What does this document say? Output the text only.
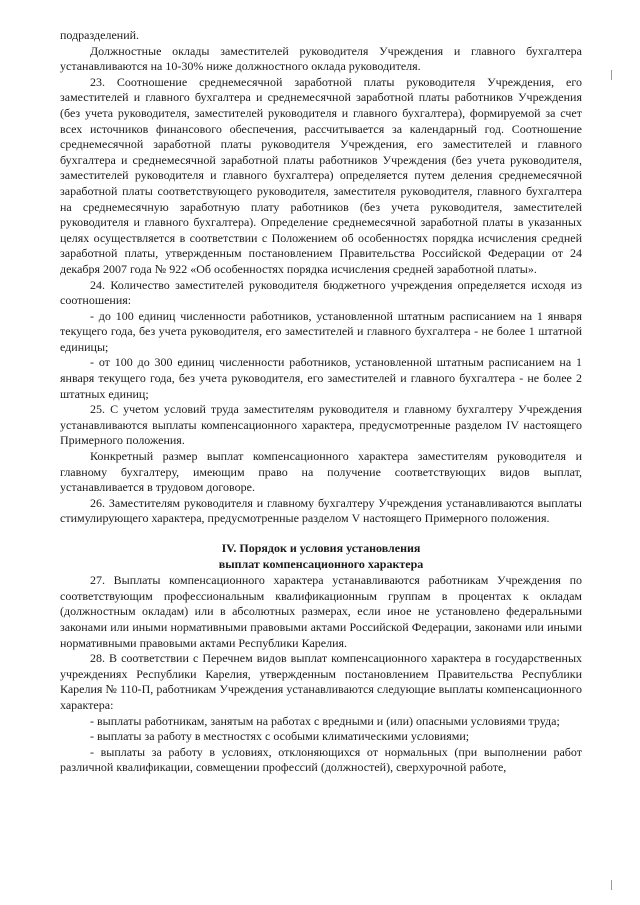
подразделений.

Должностные оклады заместителей руководителя Учреждения и главного бухгалтера устанавливаются на 10-30% ниже должностного оклада руководителя.

23. Соотношение среднемесячной заработной платы руководителя Учреждения, его заместителей и главного бухгалтера и среднемесячной заработной платы работников Учреждения (без учета руководителя, заместителей руководителя и главного бухгалтера), формируемой за счет всех источников финансового обеспечения, рассчитывается за календарный год. Соотношение среднемесячной заработной платы руководителя Учреждения, его заместителей и главного бухгалтера и среднемесячной заработной платы работников Учреждения (без учета руководителя, заместителей руководителя и главного бухгалтера) определяется путем деления среднемесячной заработной платы соответствующего руководителя, заместителя руководителя, главного бухгалтера на среднемесячную заработную плату работников (без учета руководителя, заместителей руководителя и главного бухгалтера). Определение среднемесячной заработной платы в указанных целях осуществляется в соответствии с Положением об особенностях порядка исчисления средней заработной платы, утвержденным постановлением Правительства Российской Федерации от 24 декабря 2007 года № 922 «Об особенностях порядка исчисления средней заработной платы».

24. Количество заместителей руководителя бюджетного учреждения определяется исходя из соотношения:

- до 100 единиц численности работников, установленной штатным расписанием на 1 января текущего года, без учета руководителя, его заместителей и главного бухгалтера - не более 1 штатной единицы;

- от 100 до 300 единиц численности работников, установленной штатным расписанием на 1 января текущего года, без учета руководителя, его заместителей и главного бухгалтера - не более 2 штатных единиц;

25. С учетом условий труда заместителям руководителя и главному бухгалтеру Учреждения устанавливаются выплаты компенсационного характера, предусмотренные разделом IV настоящего Примерного положения.

Конкретный размер выплат компенсационного характера заместителям руководителя и главному бухгалтеру, имеющим право на получение соответствующих видов выплат, устанавливается в трудовом договоре.

26. Заместителям руководителя и главному бухгалтеру Учреждения устанавливаются выплаты стимулирующего характера, предусмотренные разделом V настоящего Примерного положения.

IV. Порядок и условия установления
выплат компенсационного характера

27. Выплаты компенсационного характера устанавливаются работникам Учреждения по соответствующим профессиональным квалификационным группам в процентах к окладам (должностным окладам) или в абсолютных размерах, если иное не установлено федеральными законами или иными нормативными правовыми актами Российской Федерации, законами или иными нормативными правовыми актами Республики Карелия.

28. В соответствии с Перечнем видов выплат компенсационного характера в государственных учреждениях Республики Карелия, утвержденным постановлением Правительства Республики Карелия № 110-П, работникам Учреждения устанавливаются следующие выплаты компенсационного характера:

- выплаты работникам, занятым на работах с вредными и (или) опасными условиями труда;

- выплаты за работу в местностях с особыми климатическими условиями;

- выплаты за работу в условиях, отклоняющихся от нормальных (при выполнении работ различной квалификации, совмещении профессий (должностей), сверхурочной работе,
